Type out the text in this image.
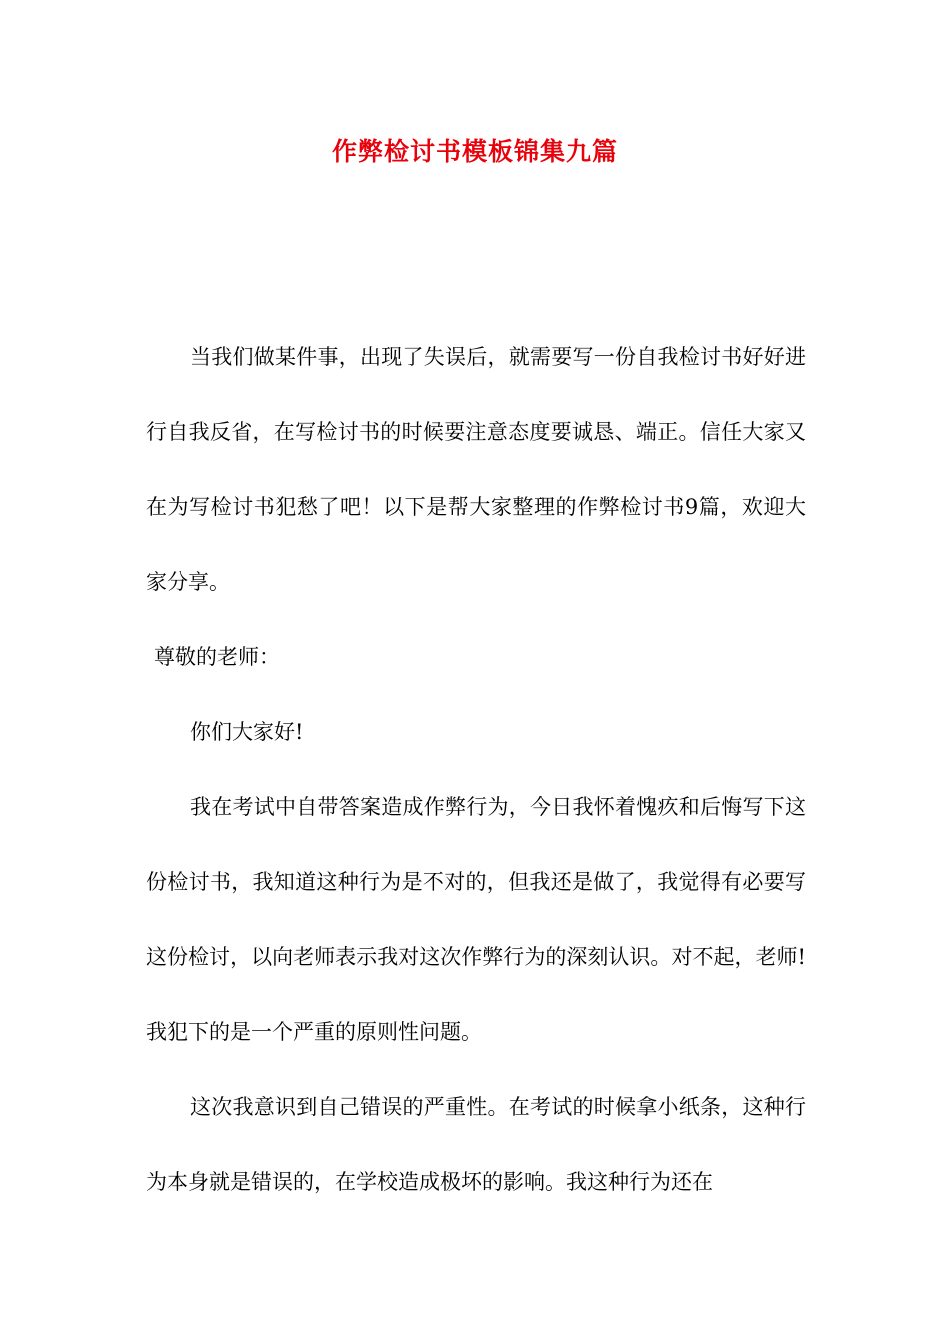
作弊检讨书模板锦集九篇

当我们做某件事，出现了失误后，就需要写一份自我检讨书好好进行自我反省，在写检讨书的时候要注意态度要诚恳、端正。信任大家又在为写检讨书犯愁了吧！以下是帮大家整理的作弊检讨书9篇，欢迎大家分享。

尊敬的老师：

你们大家好!

我在考试中自带答案造成作弊行为，今日我怀着愧疚和后悔写下这份检讨书，我知道这种行为是不对的，但我还是做了，我觉得有必要写这份检讨，以向老师表示我对这次作弊行为的深刻认识。对不起，老师!我犯下的是一个严重的原则性问题。

这次我意识到自己错误的严重性。在考试的时候拿小纸条，这种行为本身就是错误的，在学校造成极坏的影响。我这种行为还在
